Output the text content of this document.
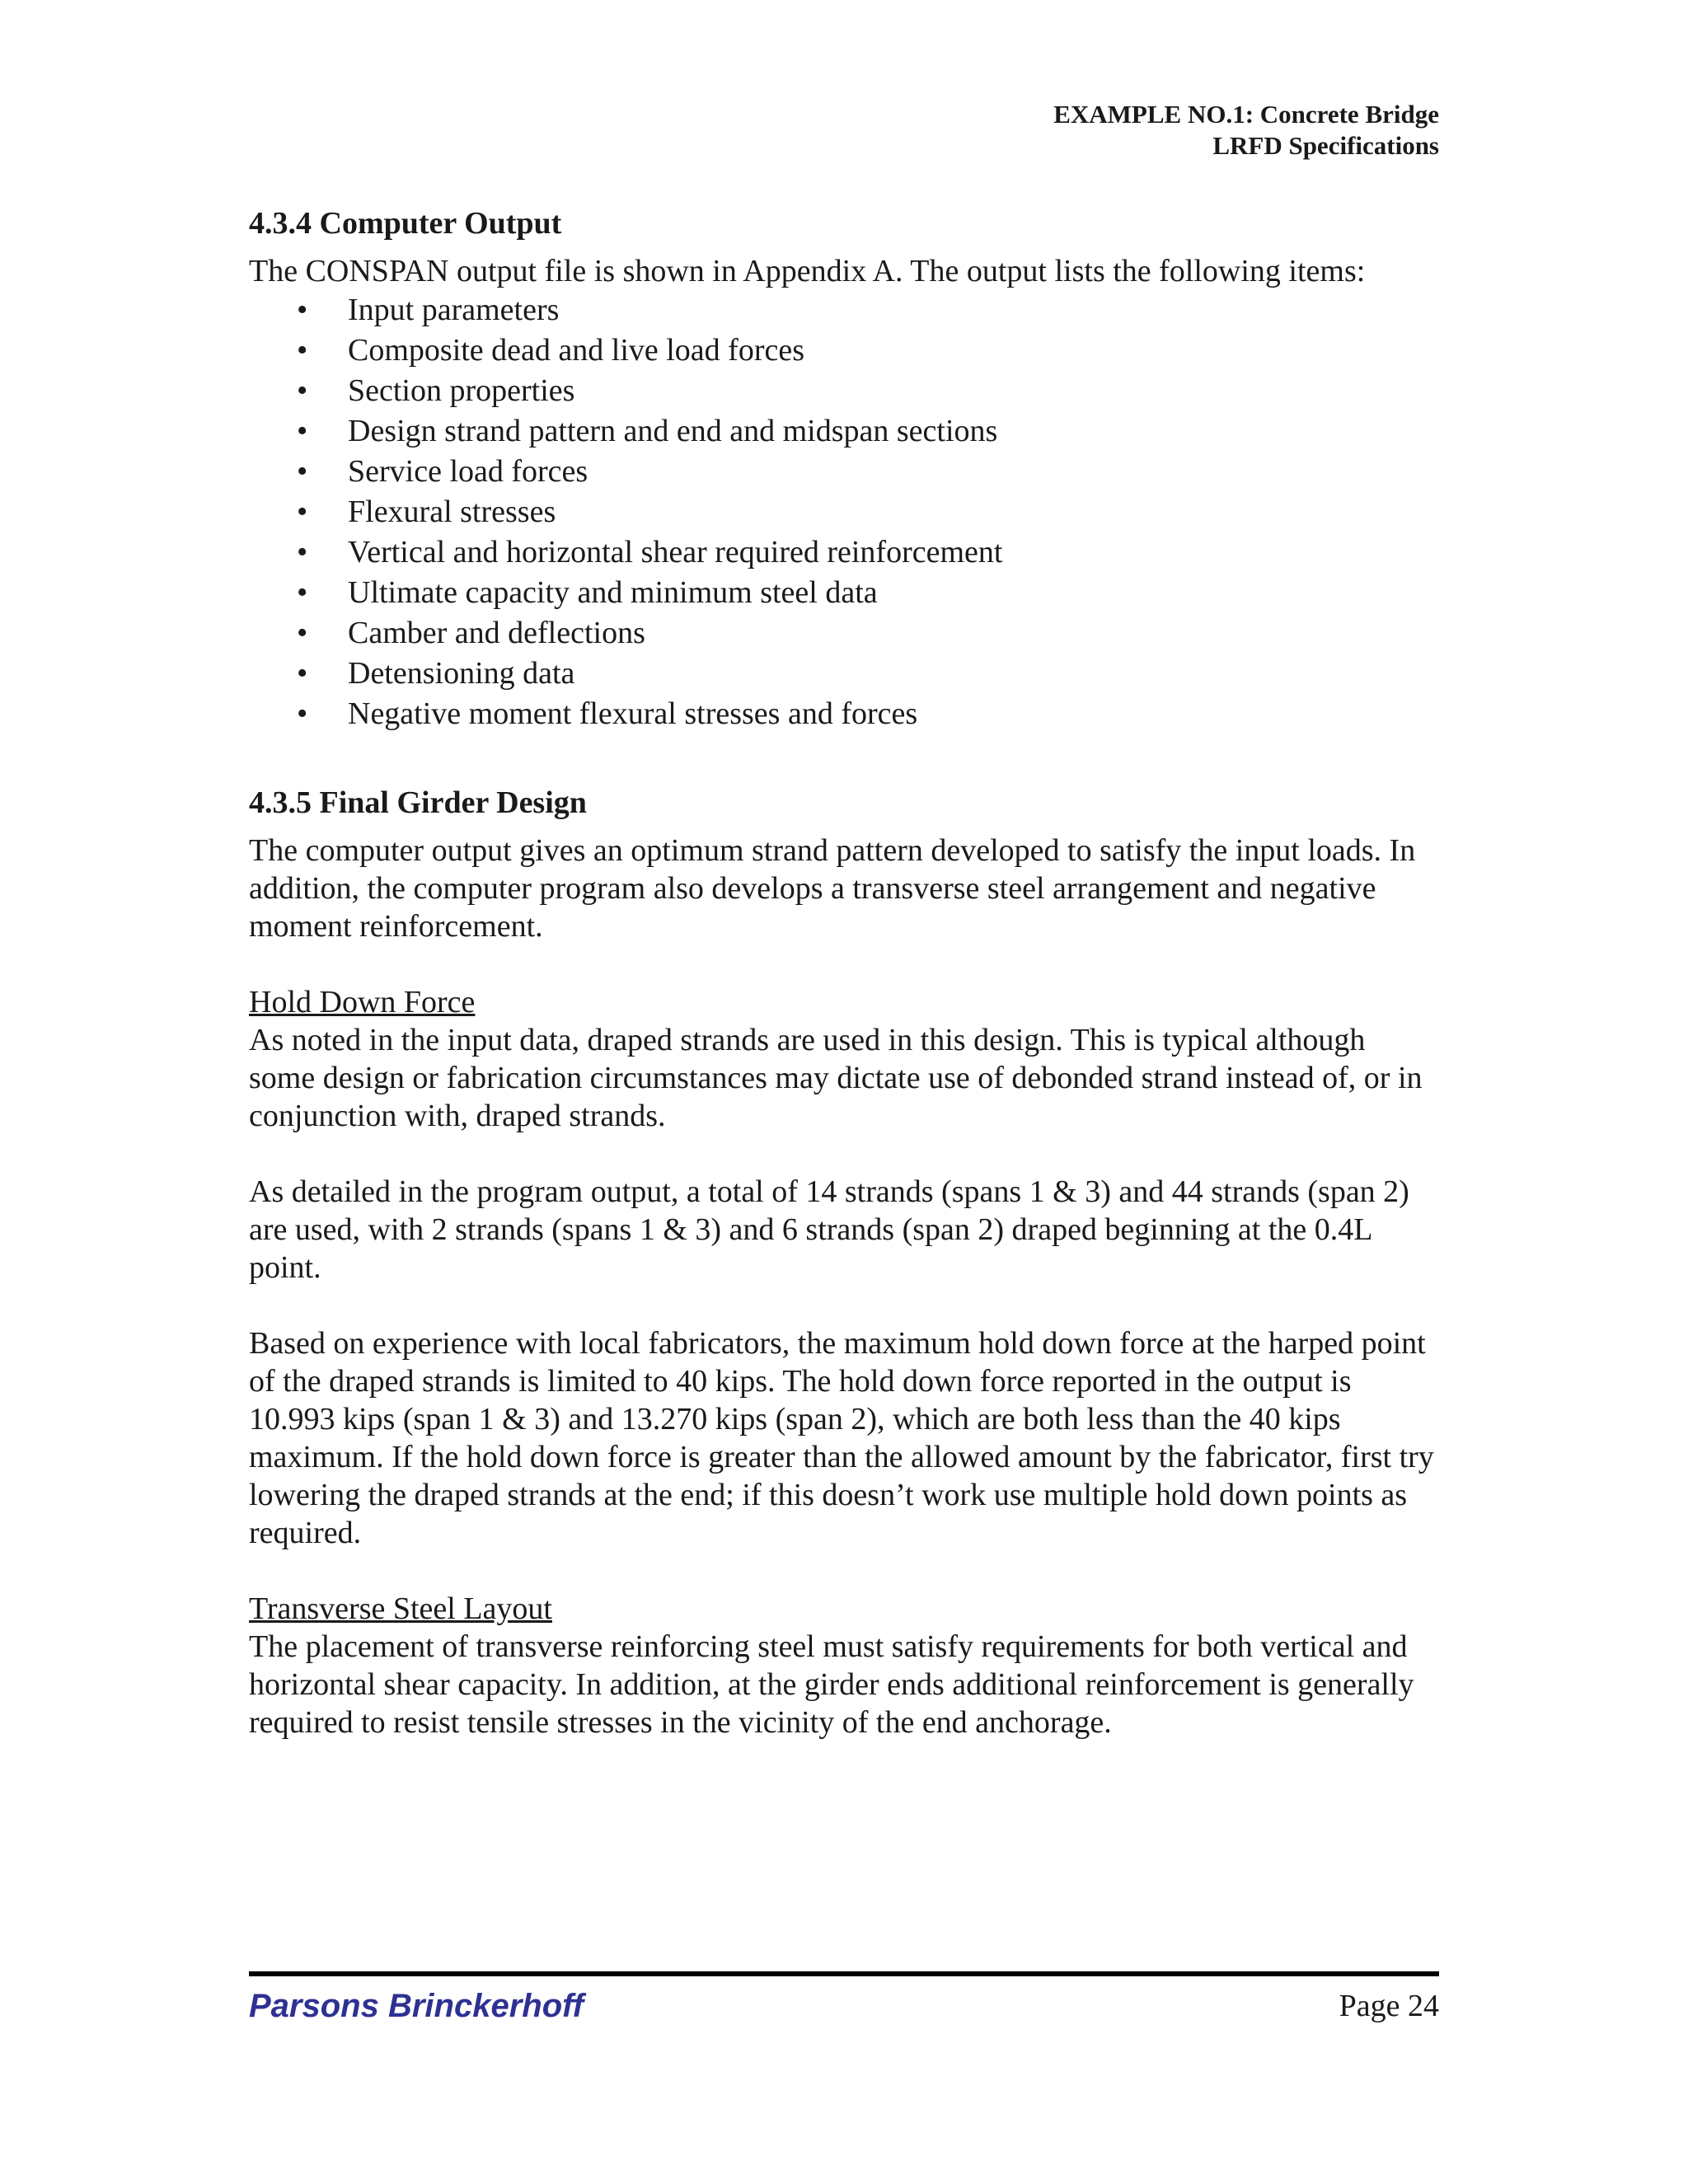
EXAMPLE NO.1: Concrete Bridge
LRFD Specifications
4.3.4 Computer Output

The CONSPAN output file is shown in Appendix A. The output lists the following items:

• Input parameters
• Composite dead and live load forces
• Section properties
• Design strand pattern and end and midspan sections
• Service load forces
• Flexural stresses
• Vertical and horizontal shear required reinforcement
• Ultimate capacity and minimum steel data
• Camber and deflections
• Detensioning data
• Negative moment flexural stresses and forces
4.3.5 Final Girder Design

The computer output gives an optimum strand pattern developed to satisfy the input loads. In addition, the computer program also develops a transverse steel arrangement and negative moment reinforcement.

Hold Down Force

As noted in the input data, draped strands are used in this design. This is typical although some design or fabrication circumstances may dictate use of debonded strand instead of, or in conjunction with, draped strands.

As detailed in the program output, a total of 14 strands (spans 1 & 3) and 44 strands (span 2) are used, with 2 strands (spans 1 & 3) and 6 strands (span 2) draped beginning at the 0.4L point.

Based on experience with local fabricators, the maximum hold down force at the harped point of the draped strands is limited to 40 kips. The hold down force reported in the output is 10.993 kips (span 1 & 3) and 13.270 kips (span 2), which are both less than the 40 kips maximum. If the hold down force is greater than the allowed amount by the fabricator, first try lowering the draped strands at the end; if this doesn’t work use multiple hold down points as required.

Transverse Steel Layout

The placement of transverse reinforcing steel must satisfy requirements for both vertical and horizontal shear capacity. In addition, at the girder ends additional reinforcement is generally required to resist tensile stresses in the vicinity of the end anchorage.

Parsons Brinckerhoff	Page 24
